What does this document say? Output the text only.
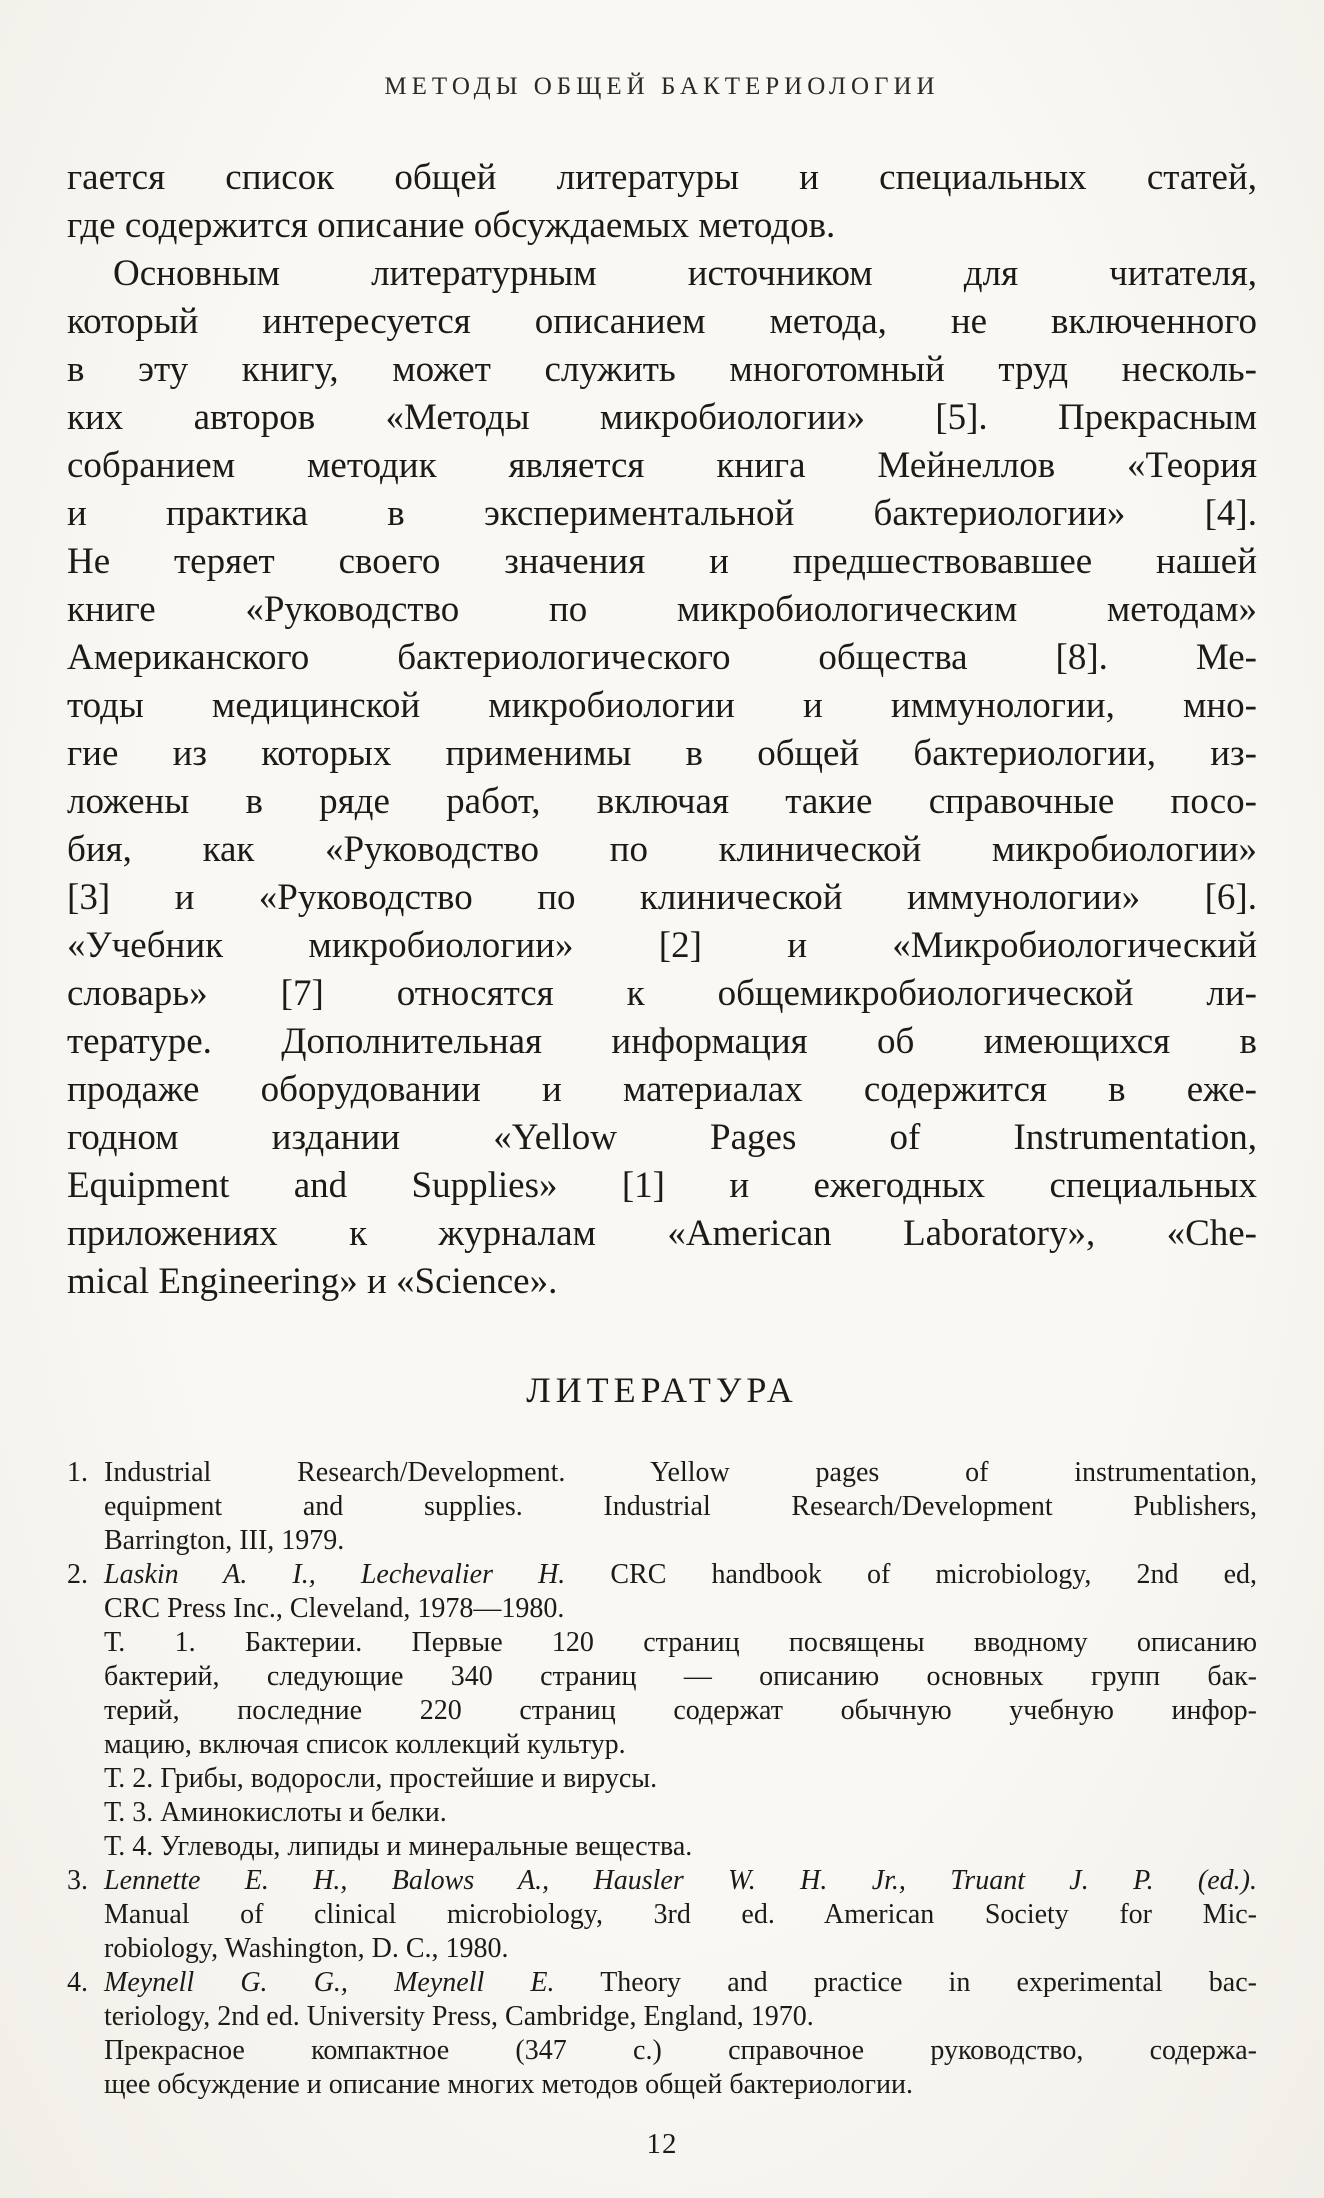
МЕТОДЫ ОБЩЕЙ БАКТЕРИОЛОГИИ
гается список общей литературы и специальных статей,
где содержится описание обсуждаемых методов.
Основным литературным источником для читателя,
который интересуется описанием метода, не включенного
в эту книгу, может служить многотомный труд несколь-
ких авторов «Методы микробиологии» [5]. Прекрасным
собранием методик является книга Мейнеллов «Теория
и практика в экспериментальной бактериологии» [4].
Не теряет своего значения и предшествовавшее нашей
книге «Руководство по микробиологическим методам»
Американского бактериологического общества [8]. Ме-
тоды медицинской микробиологии и иммунологии, мно-
гие из которых применимы в общей бактериологии, из-
ложены в ряде работ, включая такие справочные посо-
бия, как «Руководство по клинической микробиологии»
[3] и «Руководство по клинической иммунологии» [6].
«Учебник микробиологии» [2] и «Микробиологический
словарь» [7] относятся к общемикробиологической ли-
тературе. Дополнительная информация об имеющихся в
продаже оборудовании и материалах содержится в еже-
годном издании «Yellow Pages of Instrumentation,
Equipment and Supplies» [1] и ежегодных специальных
приложениях к журналам «American Laboratory», «Che-
mical Engineering» и «Science».
ЛИТЕРАТУРА
1. Industrial Research/Development. Yellow pages of instrumentation,
equipment and supplies. Industrial Research/Development Publishers,
Barrington, III, 1979.
2. Laskin A. I., Lechevalier H. CRC handbook of microbiology, 2nd ed,
CRC Press Inc., Cleveland, 1978—1980.
Т. 1. Бактерии. Первые 120 страниц посвящены вводному описанию
бактерий, следующие 340 страниц — описанию основных групп бак-
терий, последние 220 страниц содержат обычную учебную инфор-
мацию, включая список коллекций культур.
Т. 2. Грибы, водоросли, простейшие и вирусы.
Т. 3. Аминокислоты и белки.
Т. 4. Углеводы, липиды и минеральные вещества.
3. Lennette E. H., Balows A., Hausler W. H. Jr., Truant J. P. (ed.).
Manual of clinical microbiology, 3rd ed. American Society for Mic-
robiology, Washington, D. C., 1980.
4. Meynell G. G., Meynell E. Theory and practice in experimental bac-
teriology, 2nd ed. University Press, Cambridge, England, 1970.
Прекрасное компактное (347 с.) справочное руководство, содержа-
щее обсуждение и описание многих методов общей бактериологии.
12
